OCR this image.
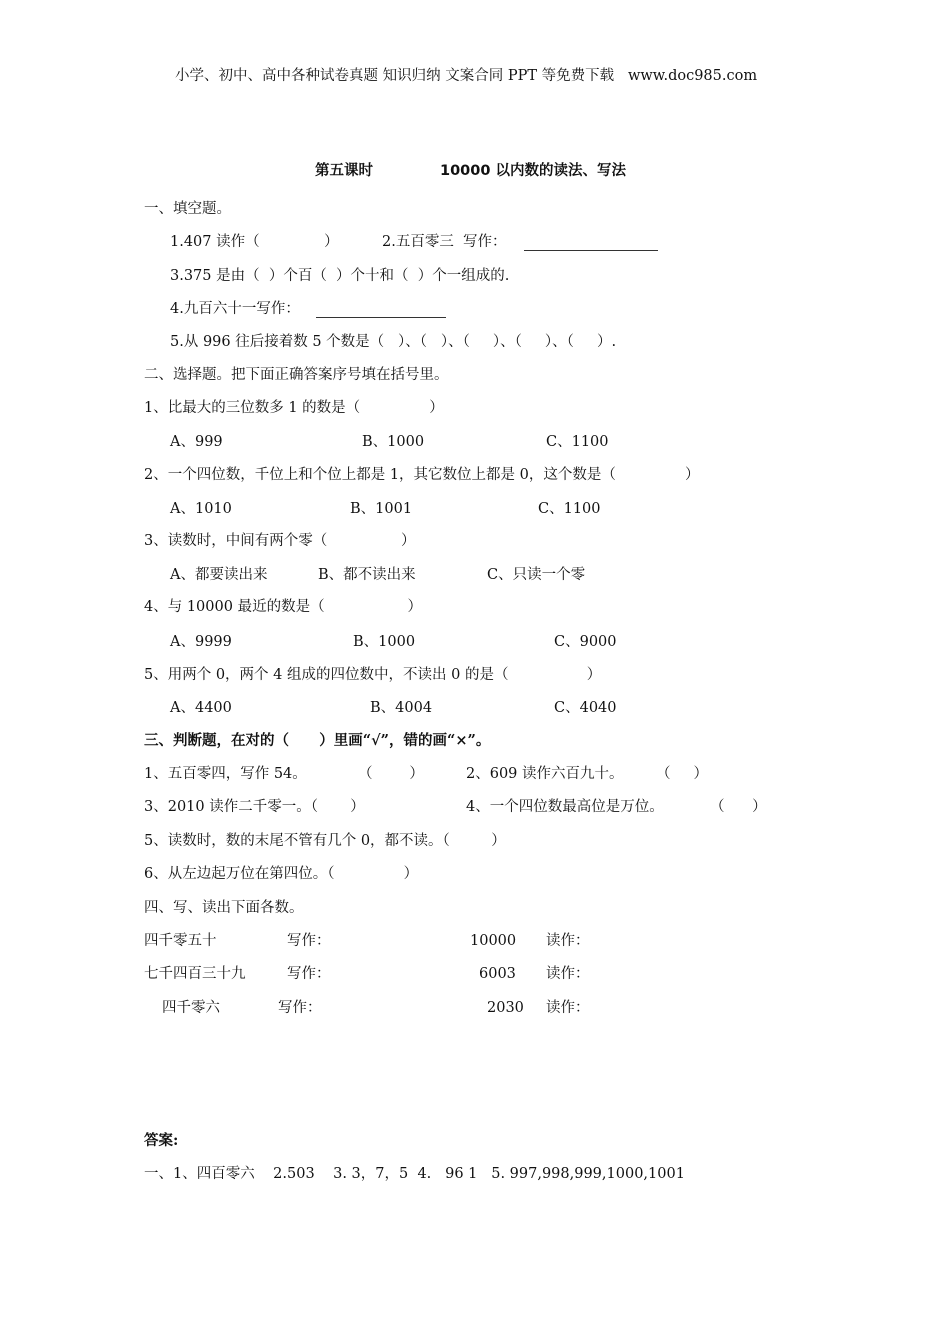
小学、初中、高中各种试卷真题 知识归纳 文案合同 PPT 等免费下载   www.doc985.com
第五课时	10000 以内数的读法、写法
一、填空题。
1.407 读作（              ）	2.五百零三  写作：
3.375 是由（  ）个百（  ）个十和（  ）个一组成的.
4.九百六十一写作：
5.从 996 往后接着数 5 个数是（   ）、（   ）、（     ）、（     ）、（     ）.
二、选择题。把下面正确答案序号填在括号里。
1、比最大的三位数多 1 的数是（               ）
A、999	B、1000	C、1100
2、一个四位数，千位上和个位上都是 1，其它数位上都是 0，这个数是（               ）
A、1010	B、1001	C、1100
3、读数时，中间有两个零（                ）
A、都要读出来	B、都不读出来	C、只读一个零
4、与 10000 最近的数是（                  ）
A、9999	B、1000	C、9000
5、用两个 0，两个 4 组成的四位数中，不读出 0 的是（                 ）
A、4400	B、4004	C、4040
三、判断题，在对的（      ）里画“√”，错的画“×”。
1、五百零四，写作 54。	（        ）	2、609 读作六百九十。 （     ）
3、2010 读作二千零一。（       ）	4、一个四位数最高位是万位。	（      ）
5、读数时，数的末尾不管有几个 0，都不读。（         ）
6、从左边起万位在第四位。（               ）
四、写、读出下面各数。
四千零五十	写作：	10000 读作：
七千四百三十九	写作：	6003 读作：
四千零六	写作：	2030 读作：
答案:
一、1、四百零六    2.503    3. 3，7，5  4.   96 1   5. 997,998,999,1000,1001
